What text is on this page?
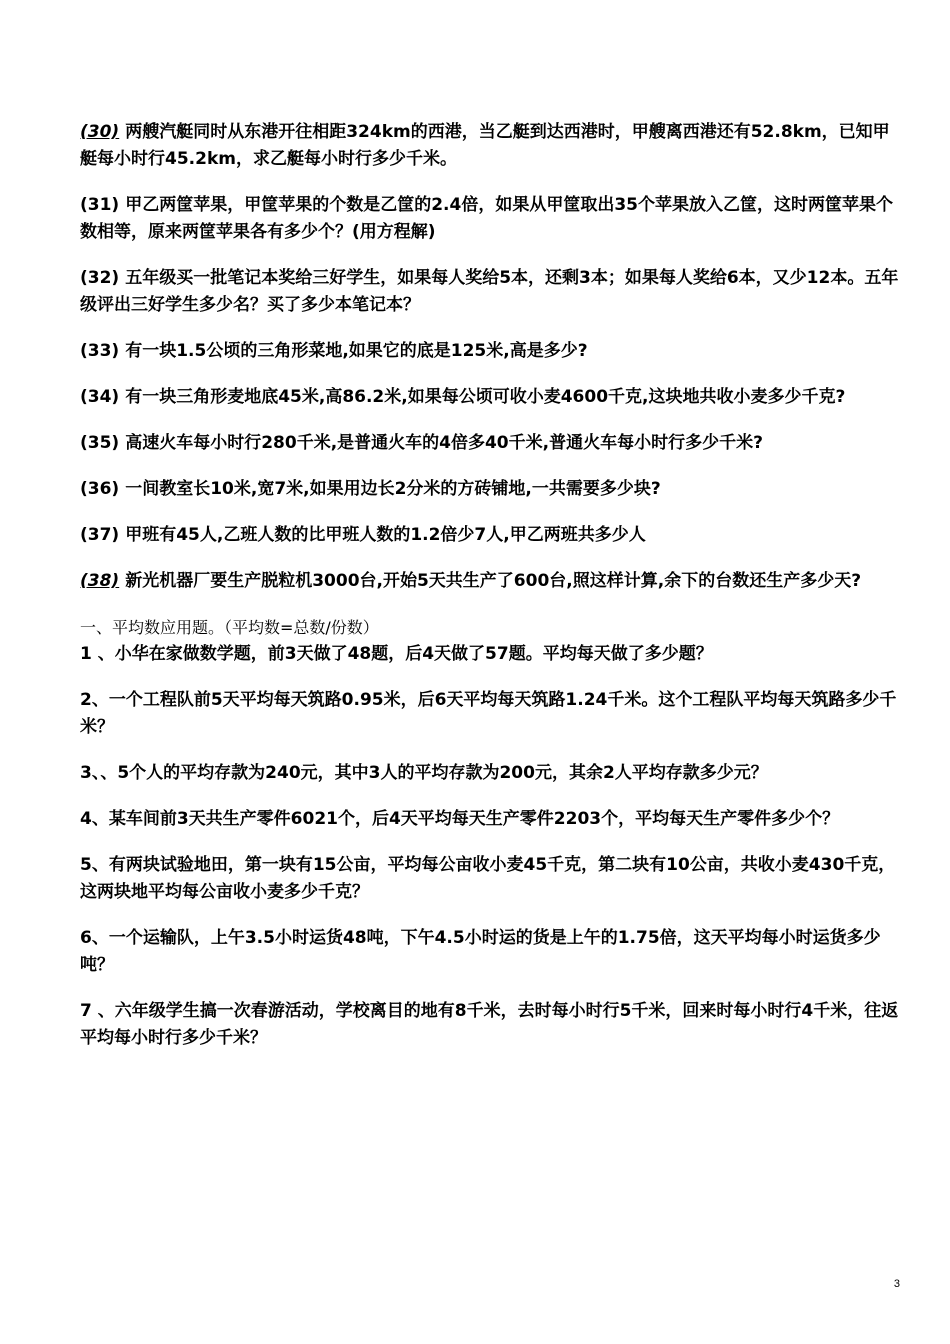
(30) 两艘汽艇同时从东港开往相距324km的西港，当乙艇到达西港时，甲艘离西港还有52.8km，已知甲艇每小时行45.2km，求乙艇每小时行多少千米。

(31) 甲乙两筐苹果，甲筐苹果的个数是乙筐的2.4倍，如果从甲筐取出35个苹果放入乙筐，这时两筐苹果个数相等，原来两筐苹果各有多少个？(用方程解)

(32) 五年级买一批笔记本奖给三好学生，如果每人奖给5本，还剩3本；如果每人奖给6本，又少12本。五年级评出三好学生多少名？买了多少本笔记本？

(33) 有一块1.5公顷的三角形菜地,如果它的底是125米,高是多少?

(34) 有一块三角形麦地底45米,高86.2米,如果每公顷可收小麦4600千克,这块地共收小麦多少千克?

(35) 高速火车每小时行280千米,是普通火车的4倍多40千米,普通火车每小时行多少千米?

(36) 一间教室长10米,宽7米,如果用边长2分米的方砖铺地,一共需要多少块?

(37) 甲班有45人,乙班人数的比甲班人数的1.2倍少7人,甲乙两班共多少人

(38) 新光机器厂要生产脱粒机3000台,开始5天共生产了600台,照这样计算,余下的台数还生产多少天?

一、平均数应用题。（平均数=总数/份数）

1 、小华在家做数学题，前3天做了48题，后4天做了57题。平均每天做了多少题？

2、一个工程队前5天平均每天筑路0.95米，后6天平均每天筑路1.24千米。这个工程队平均每天筑路多少千米？

3、、5个人的平均存款为240元，其中3人的平均存款为200元，其余2人平均存款多少元？

4、某车间前3天共生产零件6021个，后4天平均每天生产零件2203个，平均每天生产零件多少个？

5、有两块试验地田，第一块有15公亩，平均每公亩收小麦45千克，第二块有10公亩，共收小麦430千克，这两块地平均每公亩收小麦多少千克？

6、一个运输队，上午3.5小时运货48吨，下午4.5小时运的货是上午的1.75倍，这天平均每小时运货多少吨？

7 、六年级学生搞一次春游活动，学校离目的地有8千米，去时每小时行5千米，回来时每小时行4千米，往返平均每小时行多少千米？

3
